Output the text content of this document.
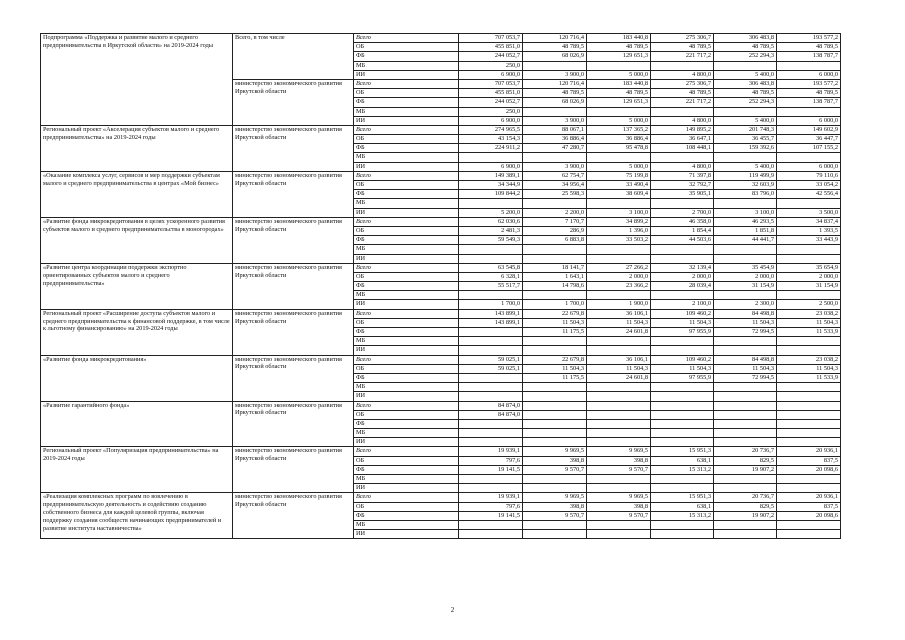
Подпрограмма «Поддержка и развитие малого и среднего предпринимательства в Иркутской области» на 2019-2024 годы	Всего, в том числе	Всего	707 053,7	120 716,4	183 440,8	275 306,7	306 483,8	193 577,2
		ОБ	455 851,0	48 789,5	48 789,5	48 789,5	48 789,5	48 789,5
		ФБ	244 052,7	68 026,9	129 651,3	221 717,2	252 294,3	138 787,7
		МБ	250,0					
		ИИ	6 900,0	3 900,0	5 000,0	4 800,0	5 400,0	6 000,0
	министерство экономического развития Иркутской области	Всего	707 053,7	120 716,4	183 440,8	275 306,7	306 483,8	193 577,2
		ОБ	455 851,0	48 789,5	48 789,5	48 789,5	48 789,5	48 789,5
		ФБ	244 052,7	68 026,9	129 651,3	221 717,2	252 294,3	138 787,7
		МБ	250,0					
		ИИ	6 900,0	3 900,0	5 000,0	4 800,0	5 400,0	6 000,0
Региональный проект «Акселерация субъектов малого и среднего предпринимательства» на 2019-2024 годы	министерство экономического развития Иркутской области	Всего	274 965,5	88 067,1	137 365,2	149 895,2	201 748,3	149 602,9
		ОБ	43 154,3	36 886,4	36 886,4	36 647,1	36 455,7	36 447,7
		ФБ	224 911,2	47 280,7	95 478,8	108 448,1	159 392,6	107 155,2
		МБ						
		ИИ	6 900,0	3 900,0	5 000,0	4 800,0	5 400,0	6 000,0
«Оказание комплекса услуг, сервисов и мер поддержки субъектам малого и среднего предпринимательства в центрах «Мой бизнес»	министерство экономического развития Иркутской области	Всего	149 389,1	62 754,7	75 199,8	71 397,8	119 499,9	79 110,6
		ОБ	34 344,9	34 956,4	33 490,4	32 792,7	32 603,9	33 054,2
		ФБ	109 844,2	25 598,3	38 609,4	35 905,1	83 796,0	42 556,4
		МБ						
		ИИ	5 200,0	2 200,0	3 100,0	2 700,0	3 100,0	3 500,0
«Развитие фонда микрокредитования в целях ускоренного развития субъектов малого и среднего предпринимательства в моногородах»	министерство экономического развития Иркутской области	Всего	62 030,6	7 170,7	34 899,2	46 358,0	46 293,5	34 837,4
		ОБ	2 481,3	286,9	1 396,0	1 854,4	1 851,8	1 393,5
		ФБ	59 549,3	6 883,8	33 503,2	44 503,6	44 441,7	33 443,9
		МБ						
		ИИ						
«Развитие центра координации поддержки экспортно ориентированных субъектов малого и среднего предпринимательства»	министерство экономического развития Иркутской области	Всего	63 545,8	18 141,7	27 266,2	32 139,4	35 454,9	35 654,9
		ОБ	6 328,1	1 643,1	2 000,0	2 000,0	2 000,0	2 000,0
		ФБ	55 517,7	14 798,6	23 366,2	28 039,4	31 154,9	31 154,9
		МБ						
		ИИ	1 700,0	1 700,0	1 900,0	2 100,0	2 300,0	2 500,0
Региональный проект «Расширение доступа субъектов малого и среднего предпринимательства к финансовой поддержке, в том числе к льготному финансированию» на 2019-2024 годы	министерство экономического развития Иркутской области	Всего	143 899,1	22 679,8	36 106,1	109 460,2	84 498,8	23 038,2
		ОБ	143 899,1	11 504,3	11 504,3	11 504,3	11 504,3	11 504,3
		ФБ		11 175,5	24 601,8	97 955,9	72 994,5	11 533,9
		МБ						
		ИИ						
«Развитие фонда микрокредитования»	министерство экономического развития Иркутской области	Всего	59 025,1	22 679,8	36 106,1	109 460,2	84 498,8	23 038,2
		ОБ	59 025,1	11 504,3	11 504,3	11 504,3	11 504,3	11 504,3
		ФБ		11 175,5	24 601,8	97 955,9	72 994,5	11 533,9
		МБ						
		ИИ						
«Развитие гарантийного фонда»	министерство экономического развития Иркутской области	Всего	84 874,0					
		ОБ	84 874,0					
		ФБ						
		МБ						
		ИИ						
Региональный проект «Популяризация предпринимательства» на 2019-2024 годы	министерство экономического развития Иркутской области	Всего	19 939,1	9 969,5	9 969,5	15 951,3	20 736,7	20 936,1
		ОБ	797,6	398,8	398,8	638,1	829,5	837,5
		ФБ	19 141,5	9 570,7	9 570,7	15 313,2	19 907,2	20 098,6
		МБ						
		ИИ						
«Реализация комплексных программ по вовлечению в предпринимательскую деятельность и содействию созданию собственного бизнеса для каждой целевой группы, включая поддержку создания сообществ начинающих предпринимателей и развитие института наставничества»	министерство экономического развития Иркутской области	Всего	19 939,1	9 969,5	9 969,5	15 951,3	20 736,7	20 936,1
		ОБ	797,6	398,8	398,8	638,1	829,5	837,5
		ФБ	19 141,5	9 570,7	9 570,7	15 313,2	19 907,2	20 098,6
		МБ						
		ИИ						
2
